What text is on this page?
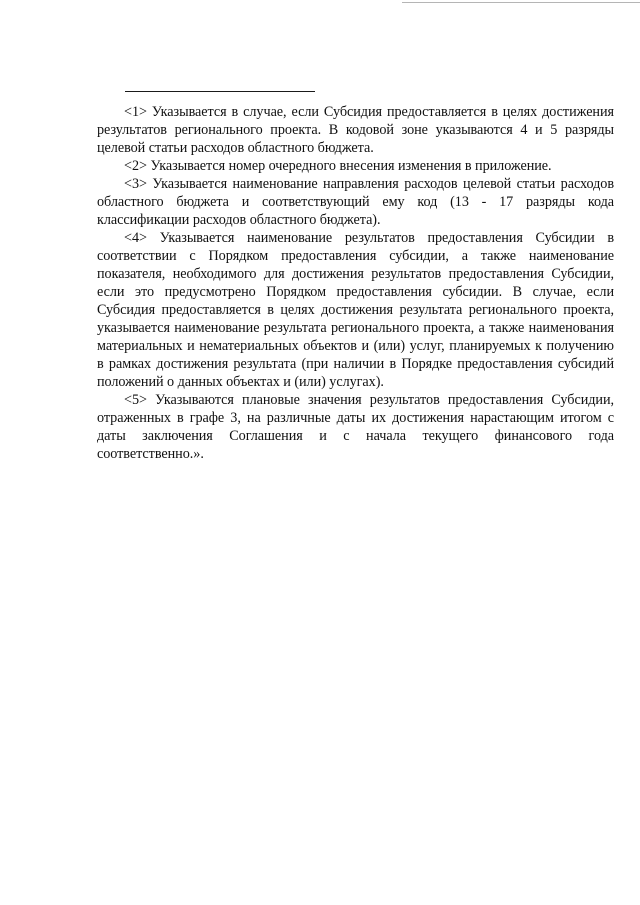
<1> Указывается в случае, если Субсидия предоставляется в целях достижения результатов регионального проекта. В кодовой зоне указываются 4 и 5 разряды целевой статьи расходов областного бюджета.

<2> Указывается номер очередного внесения изменения в приложение.

<3> Указывается наименование направления расходов целевой статьи расходов областного бюджета и соответствующий ему код (13 - 17 разряды кода классификации расходов областного бюджета).

<4> Указывается наименование результатов предоставления Субсидии в соответствии с Порядком предоставления субсидии, а также наименование показателя, необходимого для достижения результатов предоставления Субсидии, если это предусмотрено Порядком предоставления субсидии. В случае, если Субсидия предоставляется в целях достижения результата регионального проекта, указывается наименование результата регионального проекта, а также наименования материальных и нематериальных объектов и (или) услуг, планируемых к получению в рамках достижения результата (при наличии в Порядке предоставления субсидий положений о данных объектах и (или) услугах).

<5> Указываются плановые значения результатов предоставления Субсидии, отраженных в графе 3, на различные даты их достижения нарастающим итогом с даты заключения Соглашения и с начала текущего финансового года соответственно.».
